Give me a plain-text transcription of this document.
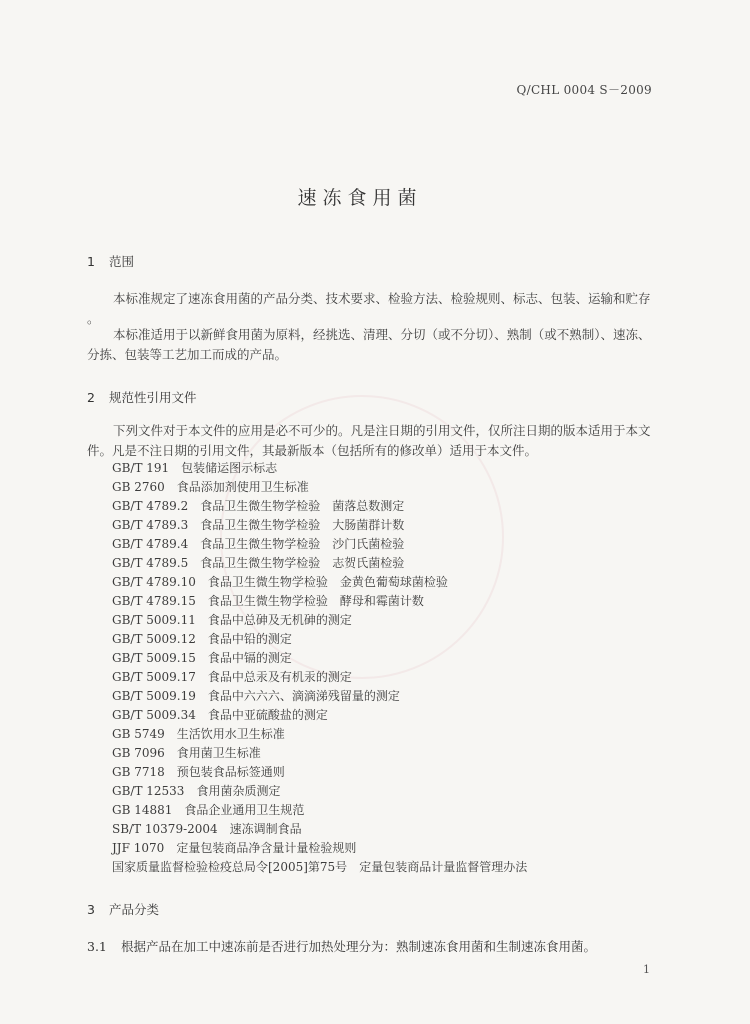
Q/CHL 0004 S－2009
速冻食用菌
1 范围
本标准规定了速冻食用菌的产品分类、技术要求、检验方法、检验规则、标志、包装、运输和贮存 。
本标准适用于以新鲜食用菌为原料，经挑选、清理、分切（或不分切）、熟制（或不熟制）、速冻、分拣、包装等工艺加工而成的产品。
2 规范性引用文件
下列文件对于本文件的应用是必不可少的。凡是注日期的引用文件，仅所注日期的版本适用于本文件。凡是不注日期的引用文件，其最新版本（包括所有的修改单）适用于本文件。
GB/T 191 包装储运图示标志
GB 2760 食品添加剂使用卫生标准
GB/T 4789.2 食品卫生微生物学检验　菌落总数测定
GB/T 4789.3 食品卫生微生物学检验　大肠菌群计数
GB/T 4789.4 食品卫生微生物学检验　沙门氏菌检验
GB/T 4789.5 食品卫生微生物学检验　志贺氏菌检验
GB/T 4789.10 食品卫生微生物学检验　金黄色葡萄球菌检验
GB/T 4789.15 食品卫生微生物学检验　酵母和霉菌计数
GB/T 5009.11 食品中总砷及无机砷的测定
GB/T 5009.12 食品中铅的测定
GB/T 5009.15 食品中镉的测定
GB/T 5009.17 食品中总汞及有机汞的测定
GB/T 5009.19 食品中六六六、滴滴涕残留量的测定
GB/T 5009.34 食品中亚硫酸盐的测定
GB 5749 生活饮用水卫生标准
GB 7096 食用菌卫生标准
GB 7718 预包装食品标签通则
GB/T 12533 食用菌杂质测定
GB 14881 食品企业通用卫生规范
SB/T 10379-2004 速冻调制食品
JJF 1070 定量包装商品净含量计量检验规则
国家质量监督检验检疫总局令[2005]第75号 定量包装商品计量监督管理办法
3 产品分类
3.1 根据产品在加工中速冻前是否进行加热处理分为：熟制速冻食用菌和生制速冻食用菌。
1
